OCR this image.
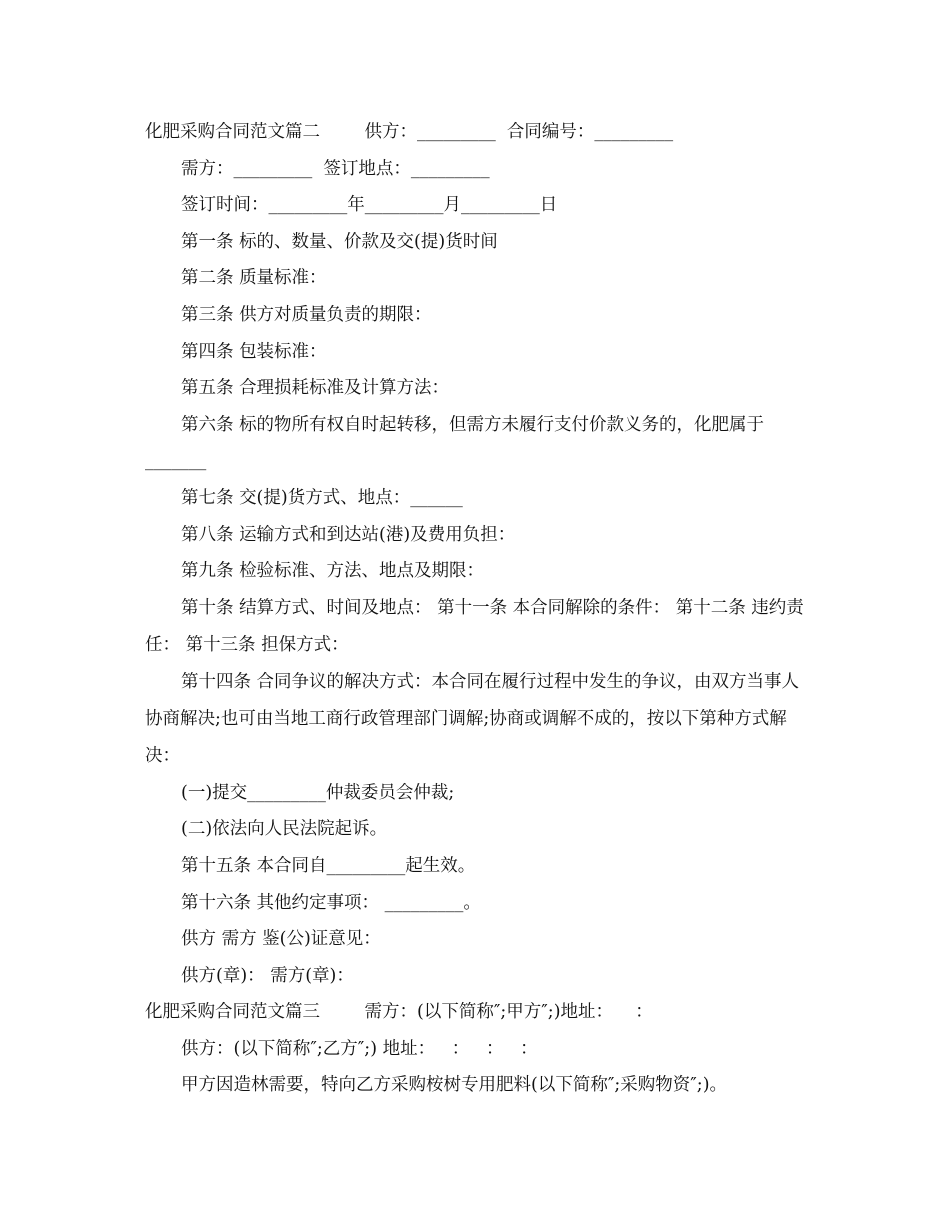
化肥采购合同范文篇二        供方：_________  合同编号：_________

需方：_________  签订地点：_________

签订时间：_________年_________月_________日

第一条 标的、数量、价款及交(提)货时间

第二条 质量标准：

第三条 供方对质量负责的期限：

第四条 包装标准：

第五条 合理损耗标准及计算方法：

第六条 标的物所有权自时起转移，但需方未履行支付价款义务的，化肥属于

_______

第七条 交(提)货方式、地点：______

第八条 运输方式和到达站(港)及费用负担：

第九条 检验标准、方法、地点及期限：

第十条 结算方式、时间及地点： 第十一条 本合同解除的条件： 第十二条 违约责任： 第十三条 担保方式：

第十四条 合同争议的解决方式：本合同在履行过程中发生的争议，由双方当事人协商解决;也可由当地工商行政管理部门调解;协商或调解不成的，按以下第种方式解决：

(一)提交_________仲裁委员会仲裁;

(二)依法向人民法院起诉。

第十五条 本合同自_________起生效。

第十六条 其他约定事项： _________。

供方 需方 鉴(公)证意见：

供方(章)： 需方(章)：

化肥采购合同范文篇三        需方：(以下简称″;甲方″;)地址：    ：

供方：(以下简称″;乙方″;) 地址：   ：   ：   ：

甲方因造林需要，特向乙方采购桉树专用肥料(以下简称″;采购物资″;)。
